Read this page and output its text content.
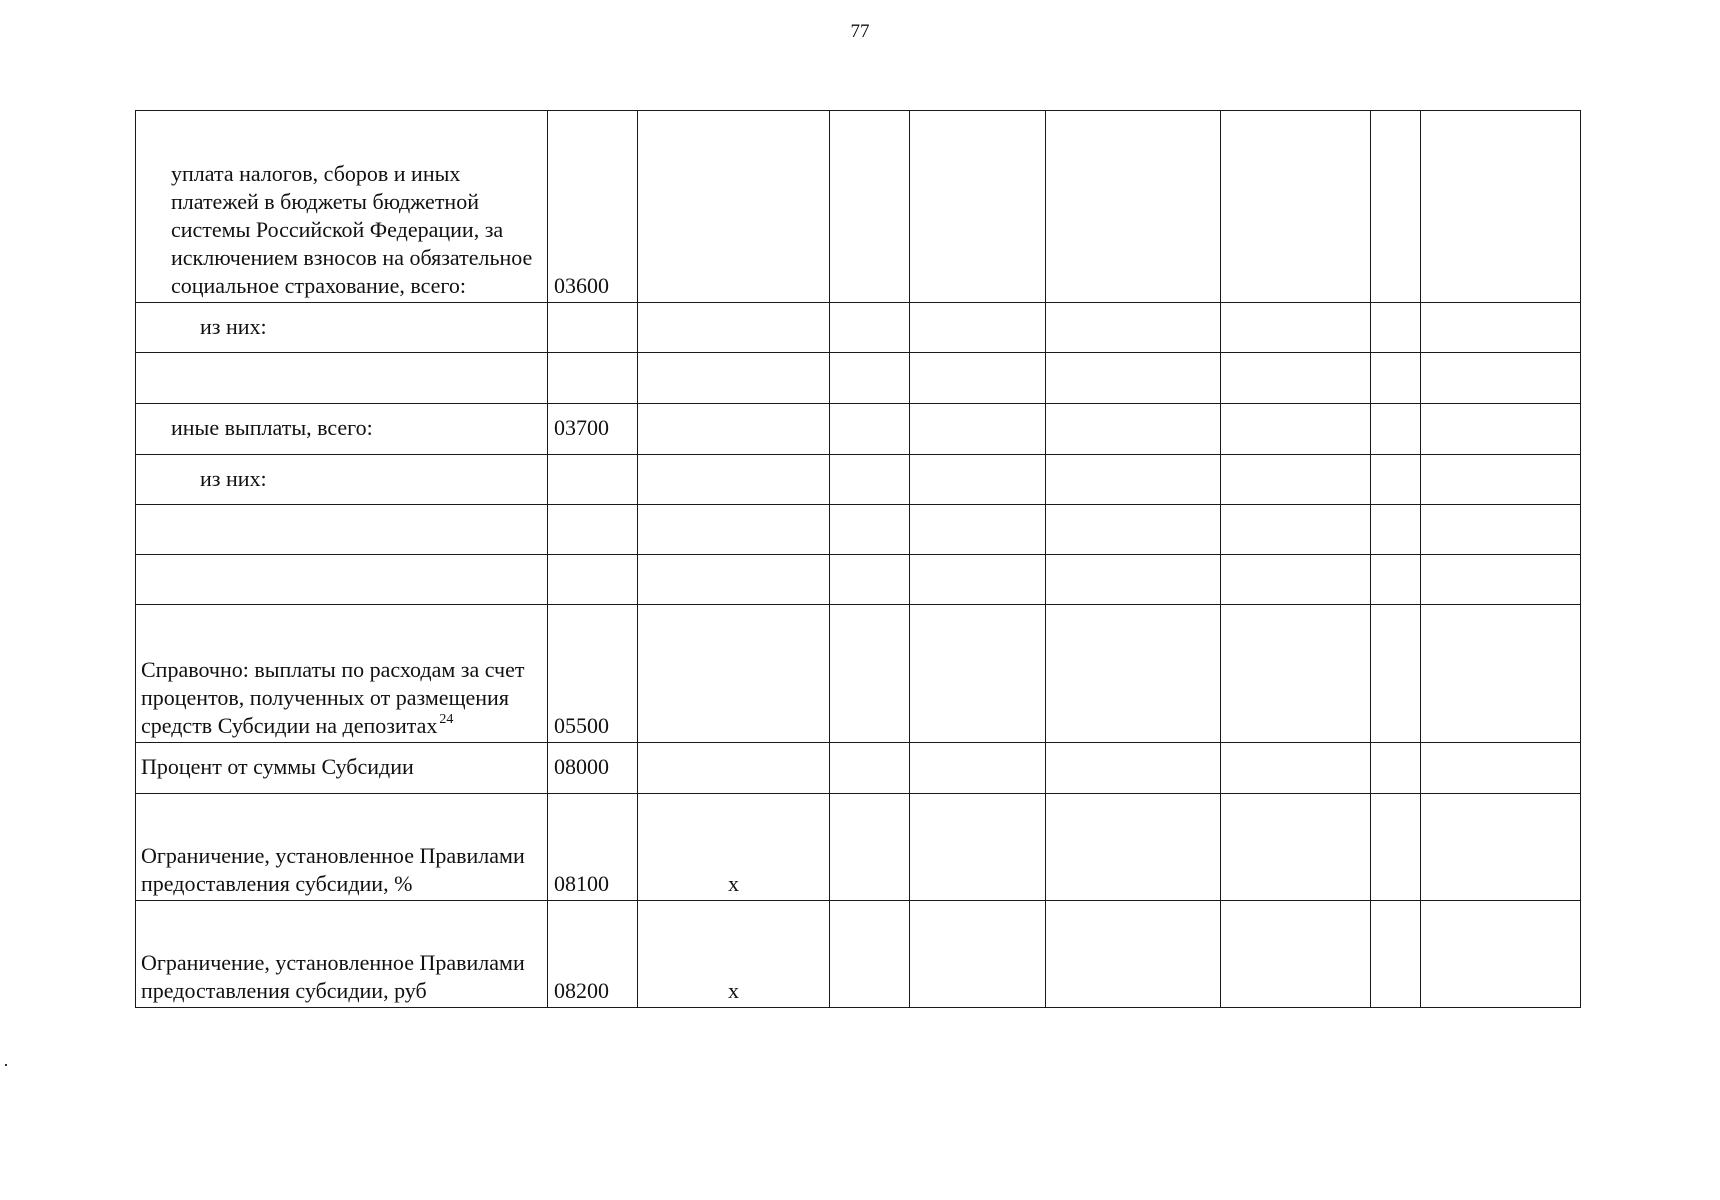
77
уплата налогов, сборов и иных платежей в бюджеты бюджетной системы Российской Федерации, за исключением взносов на обязательное социальное страхование, всего:	03600							
из них:								

иные выплаты, всего:	03700							
из них:								

Справочно: выплаты по расходам за счет процентов, полученных от размещения средств Субсидии на депозитах $^{24}$	05500							
Процент от суммы Субсидии	08000							
Ограничение, установленное Правилами предоставления субсидии, %	08100	x						
Ограничение, установленное Правилами предоставления субсидии, руб	08200	x						
